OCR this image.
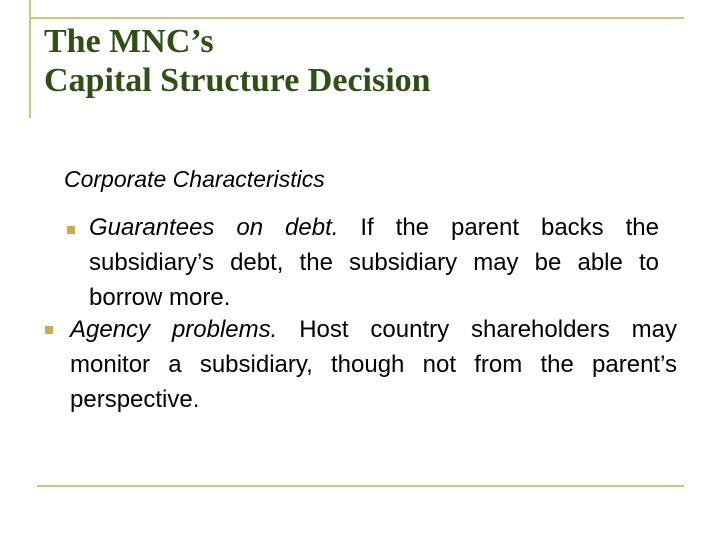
The MNC’s
Capital Structure Decision
Corporate Characteristics
Guarantees on debt. If the parent backs the subsidiary’s debt, the subsidiary may be able to borrow more.
Agency problems. Host country shareholders may monitor a subsidiary, though not from the parent’s perspective.
